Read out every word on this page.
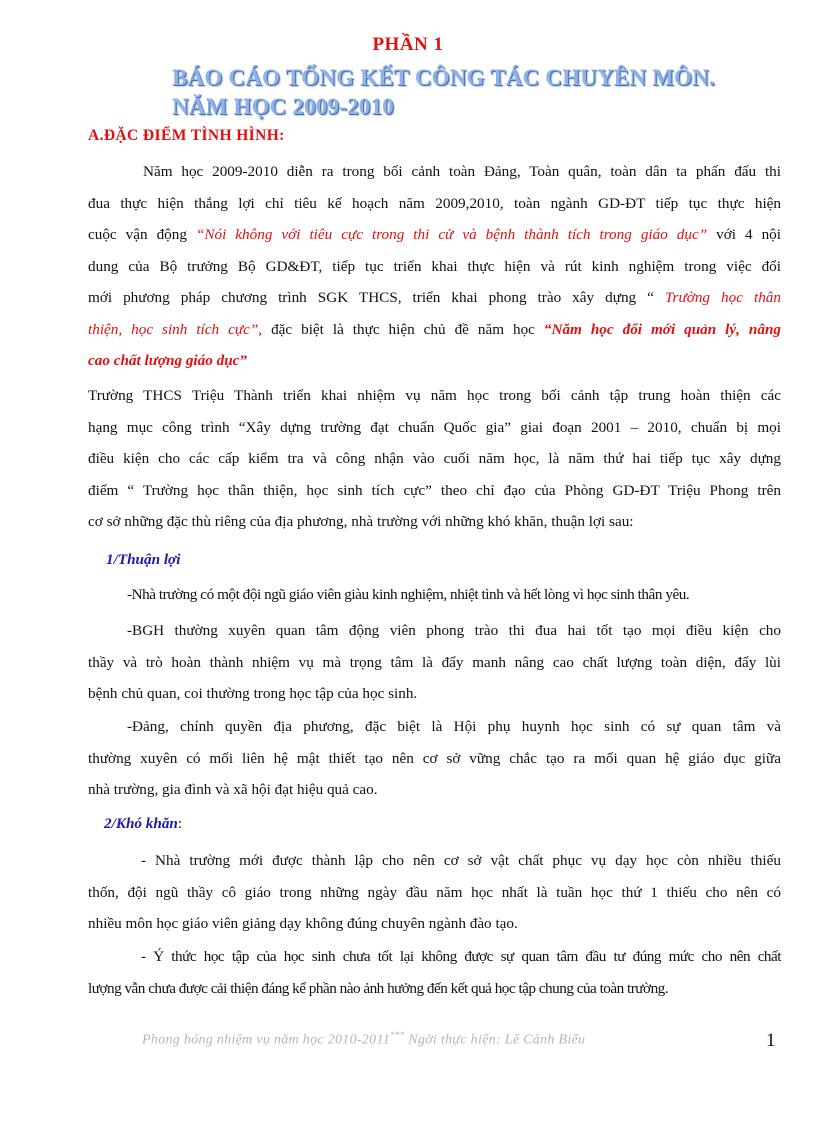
PHẦN 1
BÁO CÁO TỔNG KẾT CÔNG TÁC CHUYÊN MÔN.
NĂM HỌC 2009-2010
A.ĐẶC ĐIỂM TÌNH HÌNH:
Năm học 2009-2010 diễn ra trong bối cảnh toàn Đảng, Toàn quân, toàn dân ta phấn đấu thi
đua thực hiện thắng lợi chỉ tiêu kế hoạch năm 2009,2010, toàn ngành GD-ĐT tiếp tục thực hiện
cuộc vận động “Nói không với tiêu cực trong thi cử và bệnh thành tích trong giáo dục” với 4 nội
dung của Bộ trưởng Bộ GD&ĐT, tiếp tục triển khai thực hiện và rút kinh nghiệm trong việc đổi
mới phương pháp chương trình SGK THCS, triển khai phong trào xây dựng “ Trường học thân
thiện, học sinh tích cực”, đặc biệt là thực hiện chủ đề năm học “Năm học đổi mới quản lý, nâng
cao chất lượng giáo dục”
Trường THCS Triệu Thành triển khai nhiệm vụ năm học trong bối cảnh tập trung hoàn thiện các
hạng mục công trình “Xây dựng trường đạt chuẩn Quốc gia” giai đoạn 2001 – 2010, chuẩn bị mọi
điều kiện cho các cấp kiểm tra và công nhận vào cuối năm học, là năm thứ hai tiếp tục xây dựng
điểm “ Trường học thân thiện, học sinh tích cực” theo chỉ đạo của Phòng GD-ĐT Triệu Phong trên
cơ sở những đặc thù riêng của địa phương, nhà trường với những khó khăn, thuận lợi sau:
1/Thuận lợi
-Nhà trường có một đội ngũ giáo viên giàu kinh nghiệm, nhiệt tình và hết lòng vì học sinh thân yêu.
-BGH thường xuyên quan tâm động viên phong trào thi đua hai tốt tạo mọi điều kiện cho
thầy và trò hoàn thành nhiệm vụ mà trọng tâm là đẩy manh nâng cao chất lượng toàn diện, đẩy lùi
bệnh chủ quan, coi thường trong học tập của học sinh.
-Đảng, chính quyền địa phương, đặc biệt là Hội phụ huynh học sinh có sự quan tâm và
thường xuyên có mối liên hệ mật thiết tạo nên cơ sở vững chắc tạo ra mối quan hệ giáo dục giữa
nhà trường, gia đình và xã hội đạt hiệu quả cao.
2/Khó khăn:
- Nhà trường mới được thành lập cho nên cơ sở vật chất phục vụ dạy học còn nhiều thiếu
thốn, đội ngũ thầy cô giáo trong những ngày đầu năm học nhất là tuần học thứ 1 thiếu cho nên có
nhiều môn học giáo viên giảng dạy không đúng chuyên ngành đào tạo.
- Ý thức học tập của học sinh chưa tốt lại không được sự quan tâm đầu tư đúng mức cho nên chất
lượng vẫn chưa được cải thiện đáng kể phần nào ảnh hưởng đến kết quả học tập chung của toàn trường.
Phong hóng nhiệm vụ năm học 2010-2011*** Ngời thực hiện: Lê Cảnh Biểu	1
